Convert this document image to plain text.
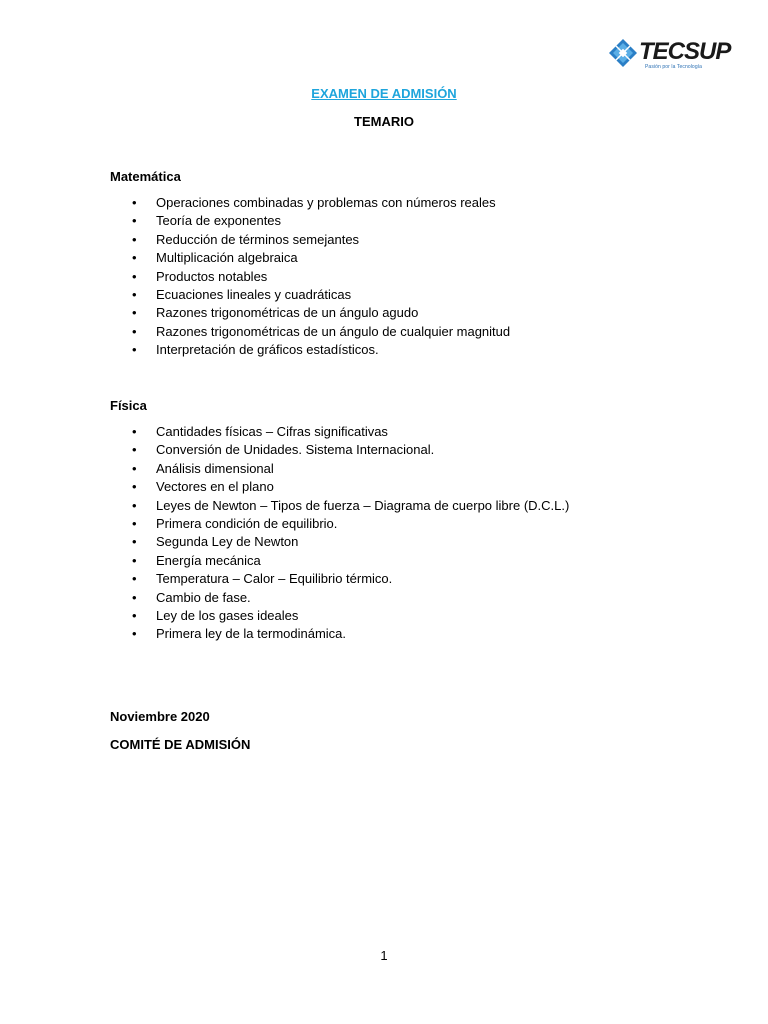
TECSUP
Pasión por la Tecnología
EXAMEN DE ADMISIÓN
TEMARIO
Matemática
• Operaciones combinadas y problemas con números reales
• Teoría de exponentes
• Reducción de términos semejantes
• Multiplicación algebraica
• Productos notables
• Ecuaciones lineales y cuadráticas
• Razones trigonométricas de un ángulo agudo
• Razones trigonométricas de un ángulo de cualquier magnitud
• Interpretación de gráficos estadísticos.
Física
• Cantidades físicas – Cifras significativas
• Conversión de Unidades. Sistema Internacional.
• Análisis dimensional
• Vectores en el plano
• Leyes de Newton – Tipos de fuerza – Diagrama de cuerpo libre (D.C.L.)
• Primera condición de equilibrio.
• Segunda Ley de Newton
• Energía mecánica
• Temperatura – Calor – Equilibrio térmico.
• Cambio de fase.
• Ley de los gases ideales
• Primera ley de la termodinámica.
Noviembre 2020
COMITÉ DE ADMISIÓN
1
